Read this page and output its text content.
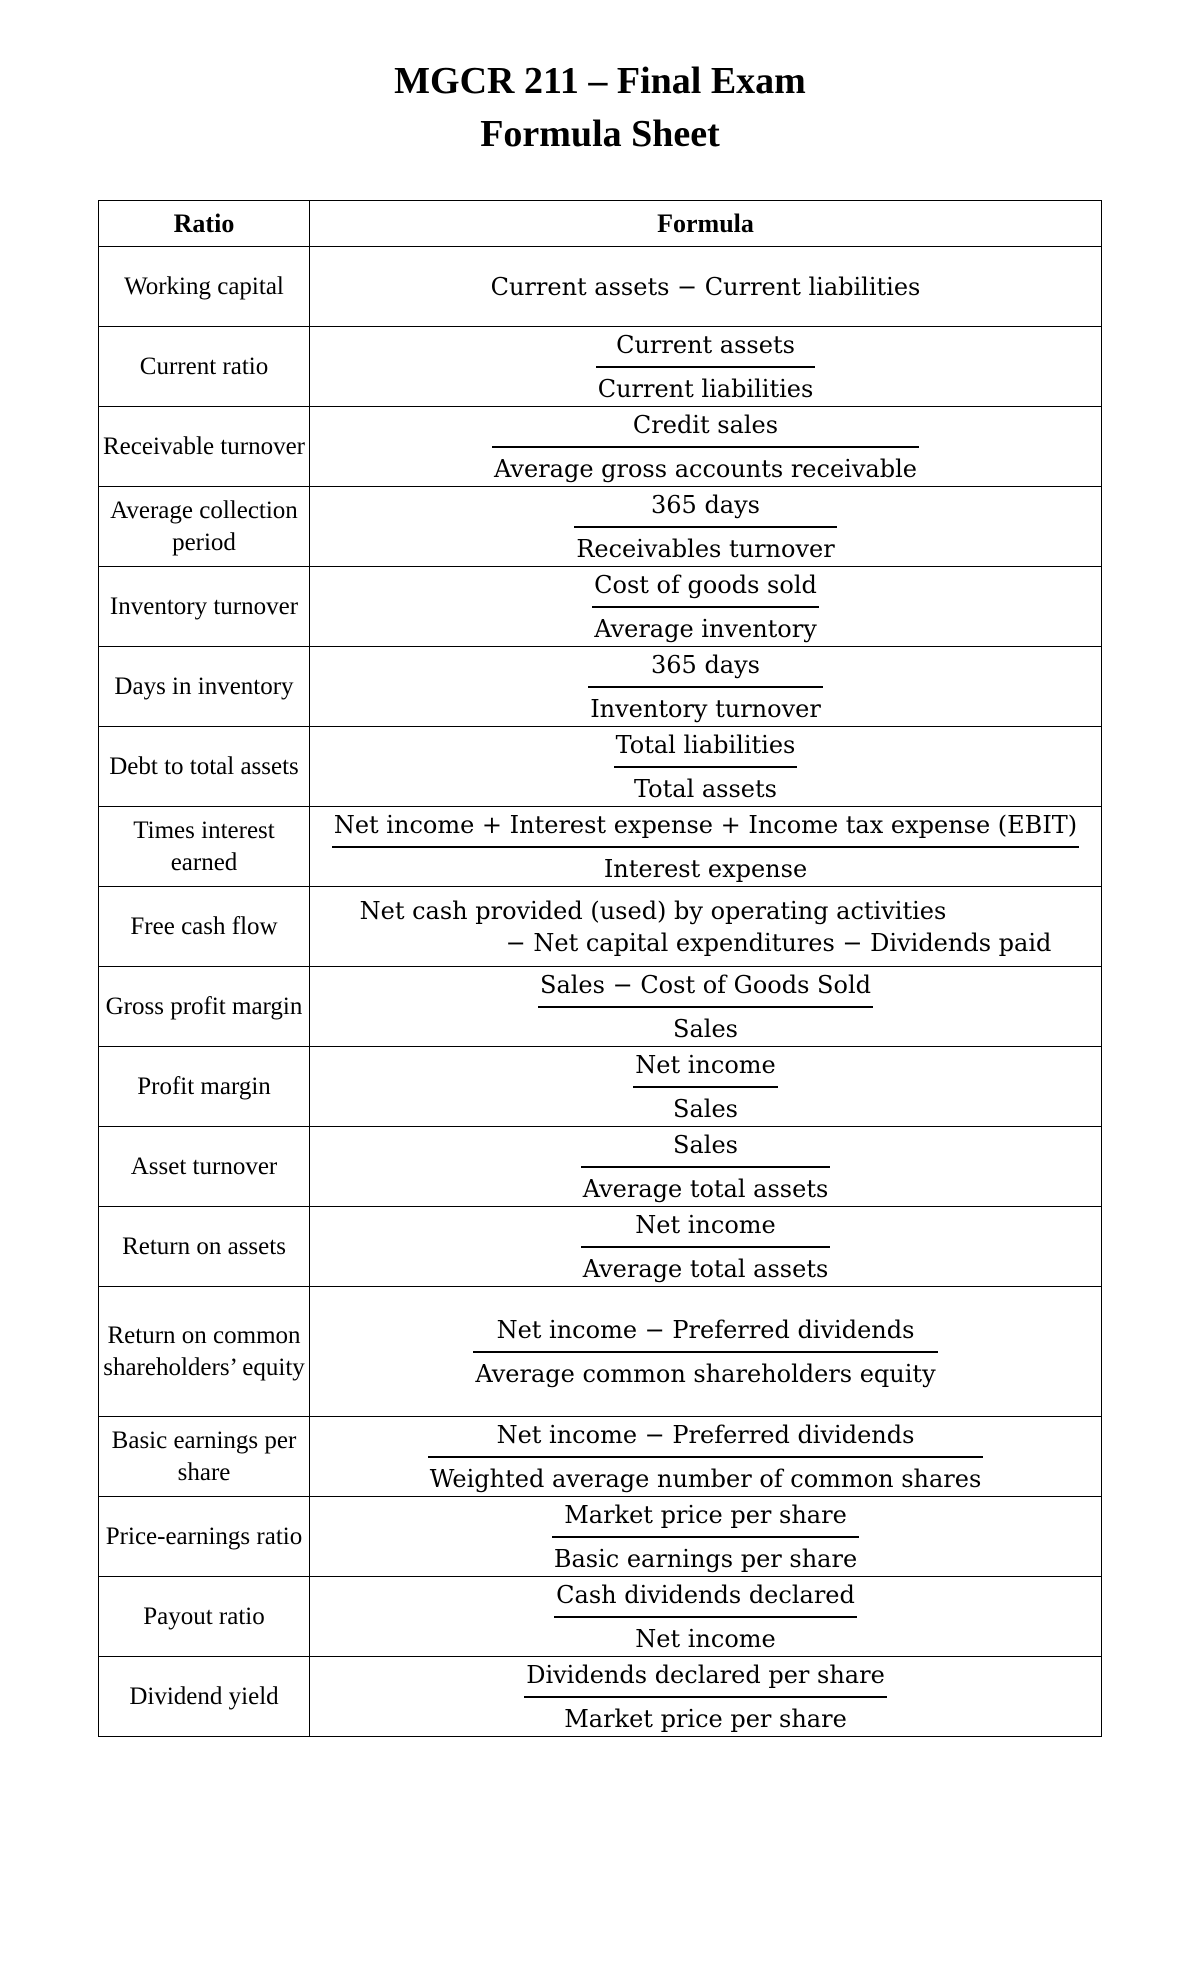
MGCR 211 – Final Exam
Formula Sheet
Ratio	Formula
Working capital	Current assets − Current liabilities
Current ratio	$\frac{\text{Current assets}}{\text{Current liabilities}}$

Receivable turnover	$\frac{\text{Credit sales}}{\text{Average gross accounts receivable}}$

Average collection period	$\frac{\text{365 days}}{\text{Receivables turnover}}$

Inventory turnover	$\frac{\text{Cost of goods sold}}{\text{Average inventory}}$

Days in inventory	$\frac{\text{365 days}}{\text{Inventory turnover}}$

Debt to total assets	$\frac{\text{Total liabilities}}{\text{Total assets}}$

Times interest earned	$\frac{\text{Net income + Interest expense + Income tax expense (EBIT)}}{\text{Interest expense}}$

Free cash flow	Net cash provided (used) by operating activities
− Net capital expenditures − Dividends paid

Gross profit margin	$\frac{\text{Sales − Cost of Goods Sold}}{\text{Sales}}$

Profit margin	$\frac{\text{Net income}}{\text{Sales}}$

Asset turnover	$\frac{\text{Sales}}{\text{Average total assets}}$

Return on assets	$\frac{\text{Net income}}{\text{Average total assets}}$

Return on common shareholders’ equity	$\frac{\text{Net income − Preferred dividends}}{\text{Average common shareholders equity}}$

Basic earnings per share	$\frac{\text{Net income − Preferred dividends}}{\text{Weighted average number of common shares}}$

Price-earnings ratio	$\frac{\text{Market price per share}}{\text{Basic earnings per share}}$

Payout ratio	$\frac{\text{Cash dividends declared}}{\text{Net income}}$

Dividend yield	$\frac{\text{Dividends declared per share}}{\text{Market price per share}}$
